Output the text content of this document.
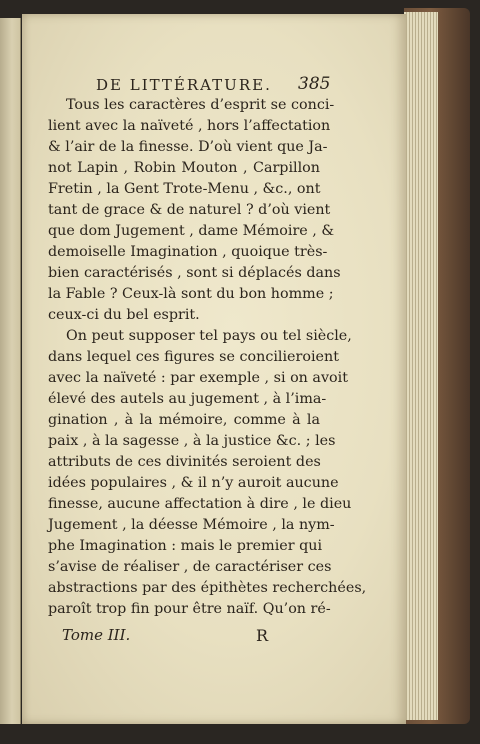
DE LITTÉRATURE. 385
Tous les caractères d’esprit se conci-
lient avec la naïveté , hors l’affectation
& l’air de la finesse. D’où vient que Ja-
not Lapin , Robin Mouton , Carpillon
Fretin , la Gent Trote-Menu , &c., ont
tant de grace & de naturel ? d’où vient
que dom Jugement , dame Mémoire , &
demoiselle Imagination , quoique très-
bien caractérisés , sont si déplacés dans
la Fable ? Ceux-là sont du bon homme ;
ceux-ci du bel esprit.
On peut supposer tel pays ou tel siècle,
dans lequel ces figures se concilieroient
avec la naïveté : par exemple , si on avoit
élevé des autels au jugement , à l’ima-
gination , à la mémoire, comme à la
paix , à la sagesse , à la justice &c. ; les
attributs de ces divinités seroient des
idées populaires , & il n’y auroit aucune
finesse, aucune affectation à dire , le dieu
Jugement , la déesse Mémoire , la nym-
phe Imagination : mais le premier qui
s’avise de réaliser , de caractériser ces
abstractions par des épithètes recherchées,
paroît trop fin pour être naïf. Qu’on ré-
Tome III.	R
